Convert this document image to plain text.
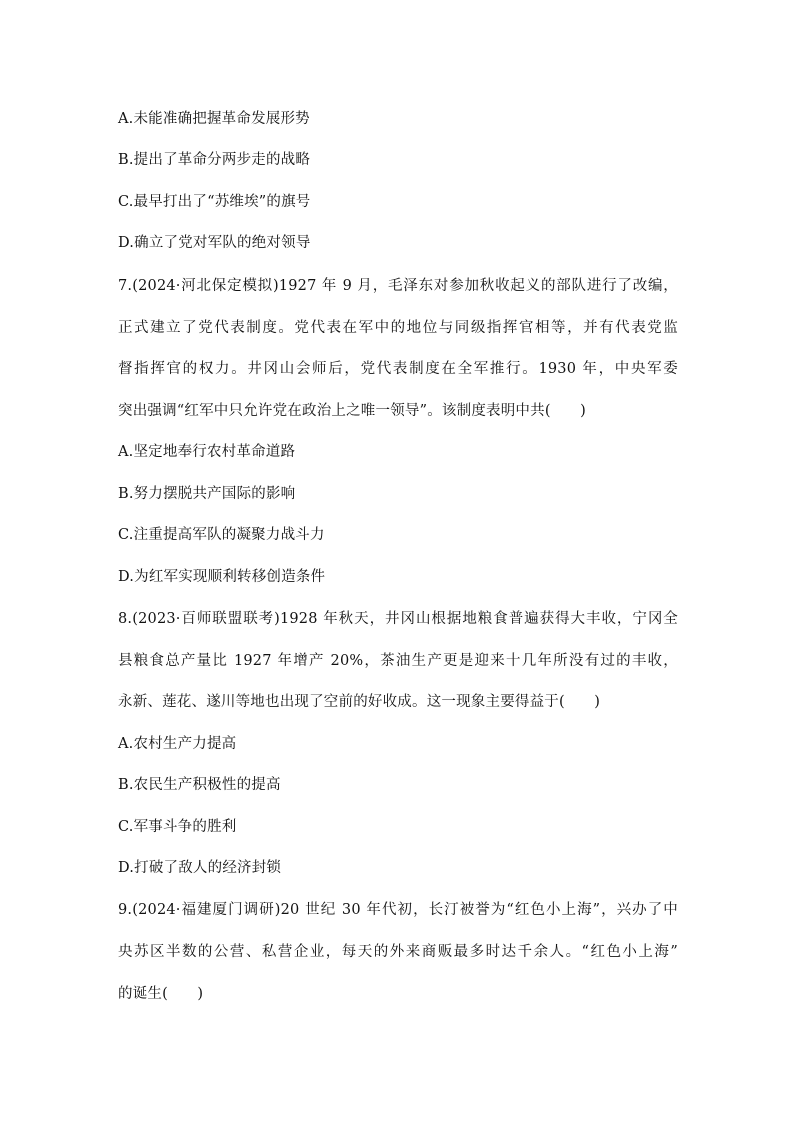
A.未能准确把握革命发展形势
B.提出了革命分两步走的战略
C.最早打出了“苏维埃”的旗号
D.确立了党对军队的绝对领导
7.(2024·河北保定模拟)1927 年 9 月，毛泽东对参加秋收起义的部队进行了改编，
正式建立了党代表制度。党代表在军中的地位与同级指挥官相等，并有代表党监
督指挥官的权力。井冈山会师后，党代表制度在全军推行。1930 年，中央军委
突出强调“红军中只允许党在政治上之唯一领导”。该制度表明中共(　　)
A.坚定地奉行农村革命道路
B.努力摆脱共产国际的影响
C.注重提高军队的凝聚力战斗力
D.为红军实现顺利转移创造条件
8.(2023·百师联盟联考)1928 年秋天，井冈山根据地粮食普遍获得大丰收，宁冈全
县粮食总产量比 1927 年增产 20%，茶油生产更是迎来十几年所没有过的丰收，
永新、莲花、遂川等地也出现了空前的好收成。这一现象主要得益于(　　)
A.农村生产力提高
B.农民生产积极性的提高
C.军事斗争的胜利
D.打破了敌人的经济封锁
9.(2024·福建厦门调研)20 世纪 30 年代初，长汀被誉为“红色小上海”，兴办了中
央苏区半数的公营、私营企业，每天的外来商贩最多时达千余人。“红色小上海”
的诞生(　　)
